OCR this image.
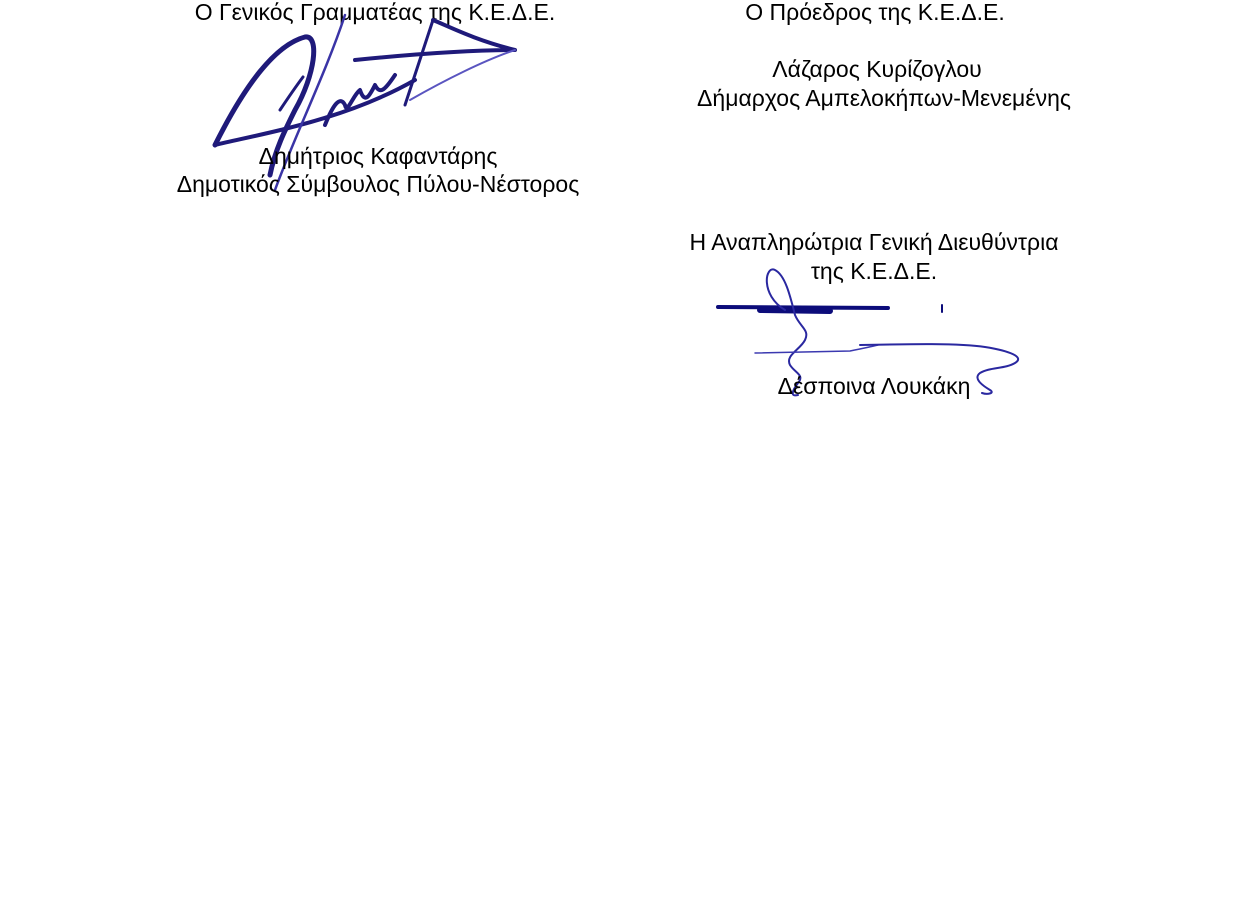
Ο Γενικός Γραμματέας της Κ.Ε.Δ.Ε.
Δημήτριος Καφαντάρης
Δημοτικός Σύμβουλος Πύλου-Νέστορος
Ο Πρόεδρος της Κ.Ε.Δ.Ε.
Λάζαρος Κυρίζογλου
Δήμαρχος Αμπελοκήπων-Μενεμένης
Η Αναπληρώτρια Γενική Διευθύντρια
της Κ.Ε.Δ.Ε.
Δέσποινα Λουκάκη
